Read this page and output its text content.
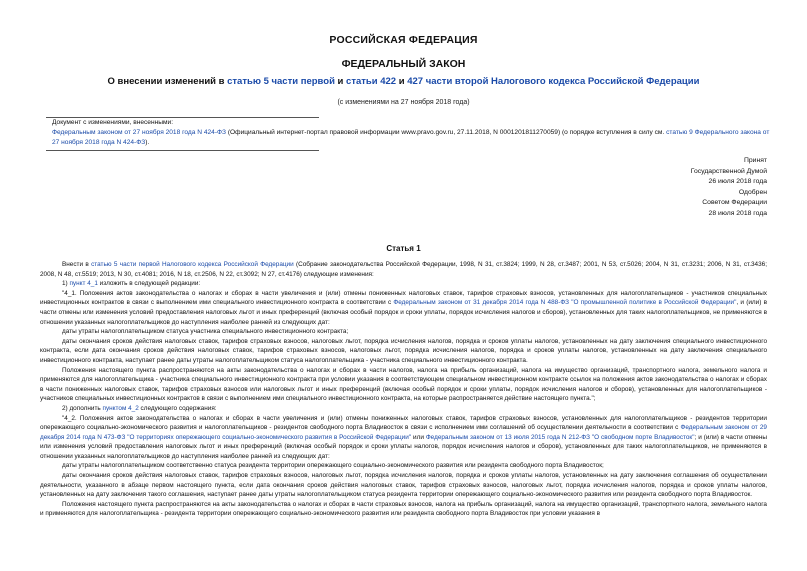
РОССИЙСКАЯ ФЕДЕРАЦИЯ
ФЕДЕРАЛЬНЫЙ ЗАКОН
О внесении изменений в статью 5 части первой и статьи 422 и 427 части второй Налогового кодекса Российской Федерации
(с изменениями на 27 ноября 2018 года)
Документ с изменениями, внесенными:
Федеральным законом от 27 ноября 2018 года N 424-ФЗ (Официальный интернет-портал правовой информации www.pravo.gov.ru, 27.11.2018, N 0001201811270059) (о порядке вступления в силу см. статью 9 Федерального закона от 27 ноября 2018 года N 424-ФЗ).
Принят
Государственной Думой
26 июля 2018 года
Одобрен
Советом Федерации
28 июля 2018 года
Статья 1

Внести в статью 5 части первой Налогового кодекса Российской Федерации (Собрание законодательства Российской Федерации, 1998, N 31, ст.3824; 1999, N 28, ст.3487; 2001, N 53, ст.5026; 2004, N 31, ст.3231; 2006, N 31, ст.3436; 2008, N 48, ст.5519; 2013, N 30, ст.4081; 2016, N 18, ст.2506, N 22, ст.3092; N 27, ст.4176) следующие изменения:

1) пункт 4_1 изложить в следующей редакции:

"4_1. Положения актов законодательства о налогах и сборах в части увеличения и (или) отмены пониженных налоговых ставок, тарифов страховых взносов, установленных для налогоплательщиков - участников специальных инвестиционных контрактов в связи с выполнением ими специального инвестиционного контракта в соответствии с Федеральным законом от 31 декабря 2014 года N 488-ФЗ "О промышленной политике в Российской Федерации", и (или) в части отмены или изменения условий предоставления налоговых льгот и иных преференций (включая особый порядок и сроки уплаты, порядок исчисления налогов и сборов), установленных для таких налогоплательщиков, не применяются в отношении указанных налогоплательщиков до наступления наиболее ранней из следующих дат:

даты утраты налогоплательщиком статуса участника специального инвестиционного контракта;

даты окончания сроков действия налоговых ставок, тарифов страховых взносов, налоговых льгот, порядка исчисления налогов, порядка и сроков уплаты налогов, установленных на дату заключения специального инвестиционного контракта, если дата окончания сроков действия налоговых ставок, тарифов страховых взносов, налоговых льгот, порядка исчисления налогов, порядка и сроков уплаты налогов, установленных на дату заключения специального инвестиционного контракта, наступает ранее даты утраты налогоплательщиком статуса налогоплательщика - участника специального инвестиционного контракта.

Положения настоящего пункта распространяются на акты законодательства о налогах и сборах в части налогов, налога на прибыль организаций, налога на имущество организаций, транспортного налога, земельного налога и применяются для налогоплательщика - участника специального инвестиционного контракта при условии указания в соответствующем специальном инвестиционном контракте ссылок на положения актов законодательства о налогах и сборах в части пониженных налоговых ставок, тарифов страховых взносов или налоговых льгот и иных преференций (включая особый порядок и сроки уплаты, порядок исчисления налогов и сборов), установленных для налогоплательщиков - участников специальных инвестиционных контрактов в связи с выполнением ими специального инвестиционного контракта, на которые распространяется действие настоящего пункта.";

2) дополнить пунктом 4_2 следующего содержания:

"4_2. Положения актов законодательства о налогах и сборах в части увеличения и (или) отмены пониженных налоговых ставок, тарифов страховых взносов, установленных для налогоплательщиков - резидентов территории опережающего социально-экономического развития и налогоплательщиков - резидентов свободного порта Владивосток в связи с исполнением ими соглашений об осуществлении деятельности в соответствии с Федеральным законом от 29 декабря 2014 года N 473-ФЗ "О территориях опережающего социально-экономического развития в Российской Федерации" или Федеральным законом от 13 июля 2015 года N 212-ФЗ "О свободном порте Владивосток"; и (или) в части отмены или изменения условий предоставления налоговых льгот и иных преференций (включая особый порядок и сроки уплаты налогов, порядок исчисления налогов и сборов), установленных для таких налогоплательщиков, не применяются в отношении указанных налогоплательщиков до наступления наиболее ранней из следующих дат:

даты утраты налогоплательщиком соответственно статуса резидента территории опережающего социально-экономического развития или резидента свободного порта Владивосток;

даты окончания сроков действия налоговых ставок, тарифов страховых взносов, налоговых льгот, порядка исчисления налогов, порядка и сроков уплаты налогов, установленных на дату заключения соглашения об осуществлении деятельности, указанного в абзаце первом настоящего пункта, если дата окончания сроков действия налоговых ставок, тарифов страховых взносов, налоговых льгот, порядка исчисления налогов, порядка и сроков уплаты налогов, установленных на дату заключения такого соглашения, наступает ранее даты утраты налогоплательщиком статуса резидента территории опережающего социально-экономического развития или резидента свободного порта Владивосток.

Положения настоящего пункта распространяются на акты законодательства о налогах и сборах в части страховых взносов, налога на прибыль организаций, налога на имущество организаций, транспортного налога, земельного налога и применяются для налогоплательщика - резидента территории опережающего социально-экономического развития или резидента свободного порта Владивосток при условии указания в
